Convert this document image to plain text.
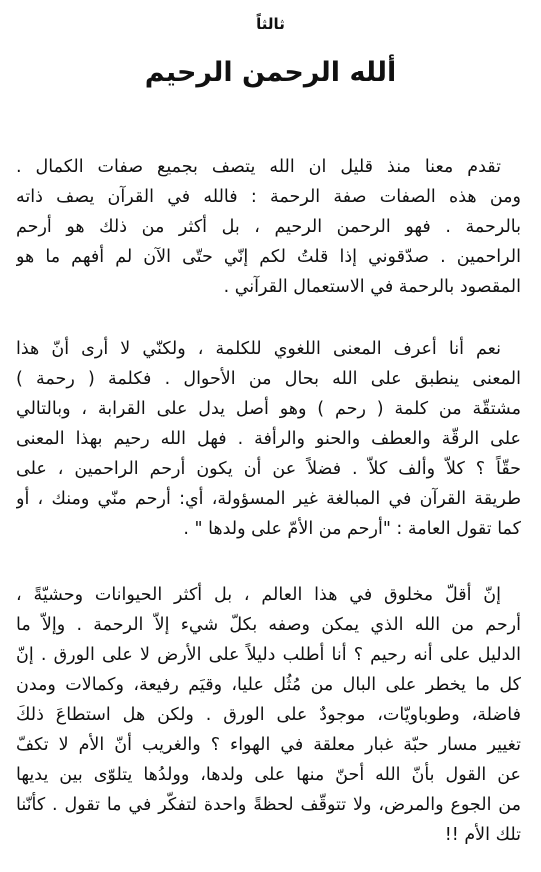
ثالثاً
ألله الرحمن الرحيم
تقدم معنا منذ قليل ان الله يتصف بجميع صفات الكمال .
ومن هذه الصفات صفة الرحمة : فالله في القرآن يصف ذاته
بالرحمة . فهو الرحمن الرحيم ، بل أكثر من ذلك هو أرحم
الراحمين . صدّقوني إذا قلتُ لكم إنّي حتّى الآن لم أفهم ما هو
المقصود بالرحمة في الاستعمال القرآني .
نعم أنا أعرف المعنى اللغوي للكلمة ، ولكنّي لا أرى أنّ هذا
المعنى ينطبق على الله بحال من الأحوال . فكلمة ( رحمة )
مشتقّة من كلمة ( رحم ) وهو أصل يدل على القرابة ، وبالتالي
على الرقّة والعطف والحنو والرأفة . فهل الله رحيم بهذا المعنى
حقّاً ؟ كلاّ وألف كلاّ . فضلاً عن أن يكون أرحم الراحمين ، على
طريقة القرآن في المبالغة غير المسؤولة، أي: أرحم منّي ومنك ، أو
كما تقول العامة : "أرحم من الأمّ على ولدها " .
إنّ أقلّ مخلوق في هذا العالم ، بل أكثر الحيوانات وحشيّةً ،
أرحم من الله الذي يمكن وصفه بكلّ شيء إلاّ الرحمة . وإلاّ ما
الدليل على أنه رحيم ؟ أنا أطلب دليلاً على الأرض لا على الورق . إنّ
كل ما يخطر على البال من مُثُل عليا، وقيَم رفيعة، وكمالات ومدن
فاضلة، وطوباويّات، موجودٌ على الورق . ولكن هل استطاعَ ذلكَ
تغيير مسار حبّة غبار معلقة في الهواء ؟ والغريب أنّ الأم لا تكفّ
عن القول بأنّ الله أحنّ منها على ولدها، وولدُها يتلوّى بين يديها
من الجوع والمرض، ولا تتوقّف لحظةً واحدة لتفكّر في ما تقول . كأنّنا
تلك الأم !!
